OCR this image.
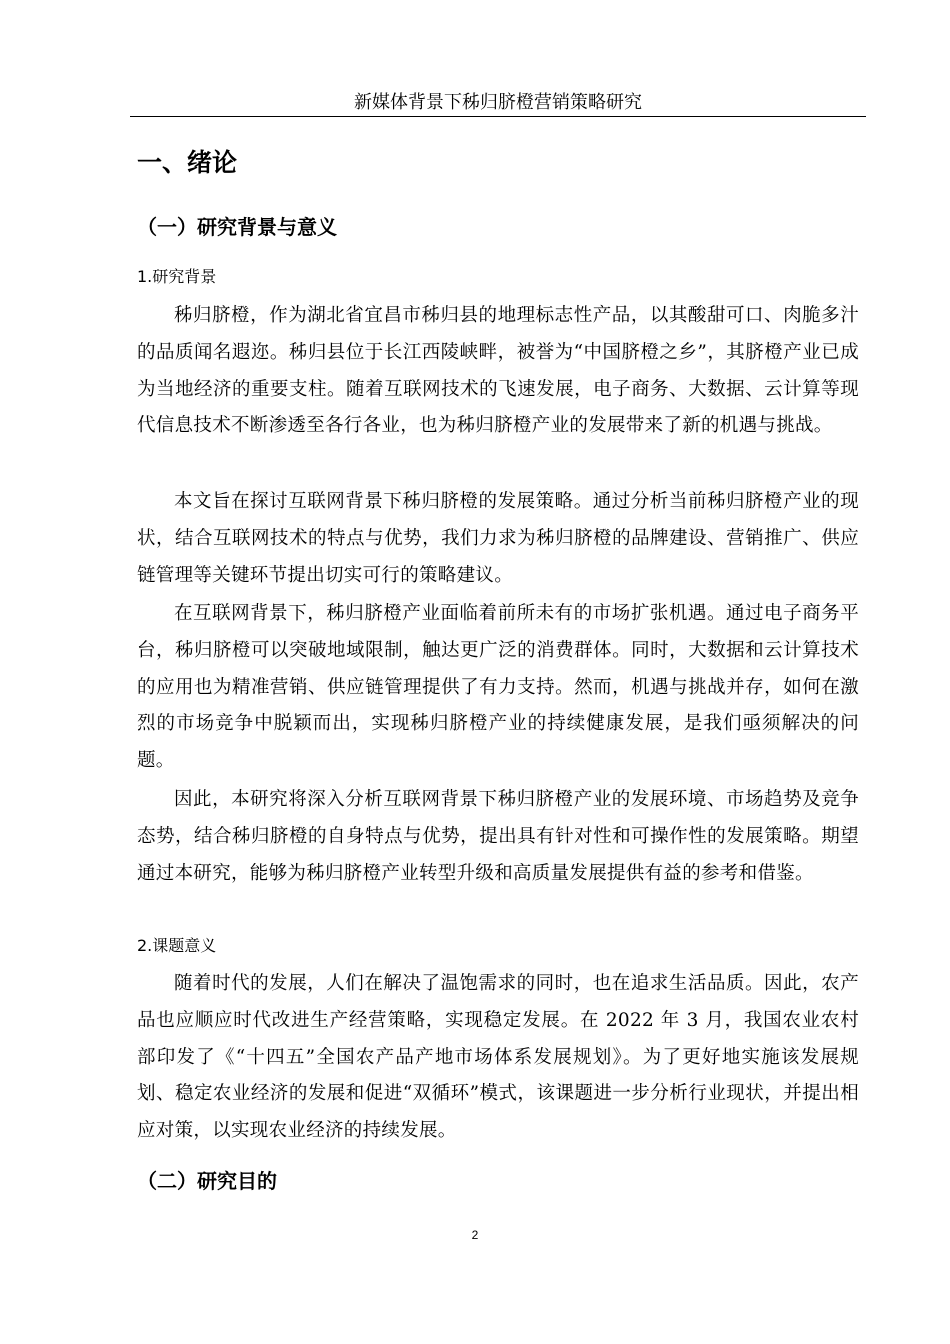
新媒体背景下秭归脐橙营销策略研究
一、绪论
（一）研究背景与意义
1.研究背景

秭归脐橙，作为湖北省宜昌市秭归县的地理标志性产品，以其酸甜可口、肉脆多汁的品质闻名遐迩。秭归县位于长江西陵峡畔，被誉为“中国脐橙之乡”，其脐橙产业已成为当地经济的重要支柱。随着互联网技术的飞速发展，电子商务、大数据、云计算等现代信息技术不断渗透至各行各业，也为秭归脐橙产业的发展带来了新的机遇与挑战。

本文旨在探讨互联网背景下秭归脐橙的发展策略。通过分析当前秭归脐橙产业的现状，结合互联网技术的特点与优势，我们力求为秭归脐橙的品牌建设、营销推广、供应链管理等关键环节提出切实可行的策略建议。

在互联网背景下，秭归脐橙产业面临着前所未有的市场扩张机遇。通过电子商务平台，秭归脐橙可以突破地域限制，触达更广泛的消费群体。同时，大数据和云计算技术的应用也为精准营销、供应链管理提供了有力支持。然而，机遇与挑战并存，如何在激烈的市场竞争中脱颖而出，实现秭归脐橙产业的持续健康发展，是我们亟须解决的问题。

因此，本研究将深入分析互联网背景下秭归脐橙产业的发展环境、市场趋势及竞争态势，结合秭归脐橙的自身特点与优势，提出具有针对性和可操作性的发展策略。期望通过本研究，能够为秭归脐橙产业转型升级和高质量发展提供有益的参考和借鉴。

2.课题意义

随着时代的发展，人们在解决了温饱需求的同时，也在追求生活品质。因此，农产品也应顺应时代改进生产经营策略，实现稳定发展。在 2022 年 3 月，我国农业农村部印发了《“十四五”全国农产品产地市场体系发展规划》。为了更好地实施该发展规划、稳定农业经济的发展和促进“双循环”模式，该课题进一步分析行业现状，并提出相应对策，以实现农业经济的持续发展。

（二）研究目的
2
